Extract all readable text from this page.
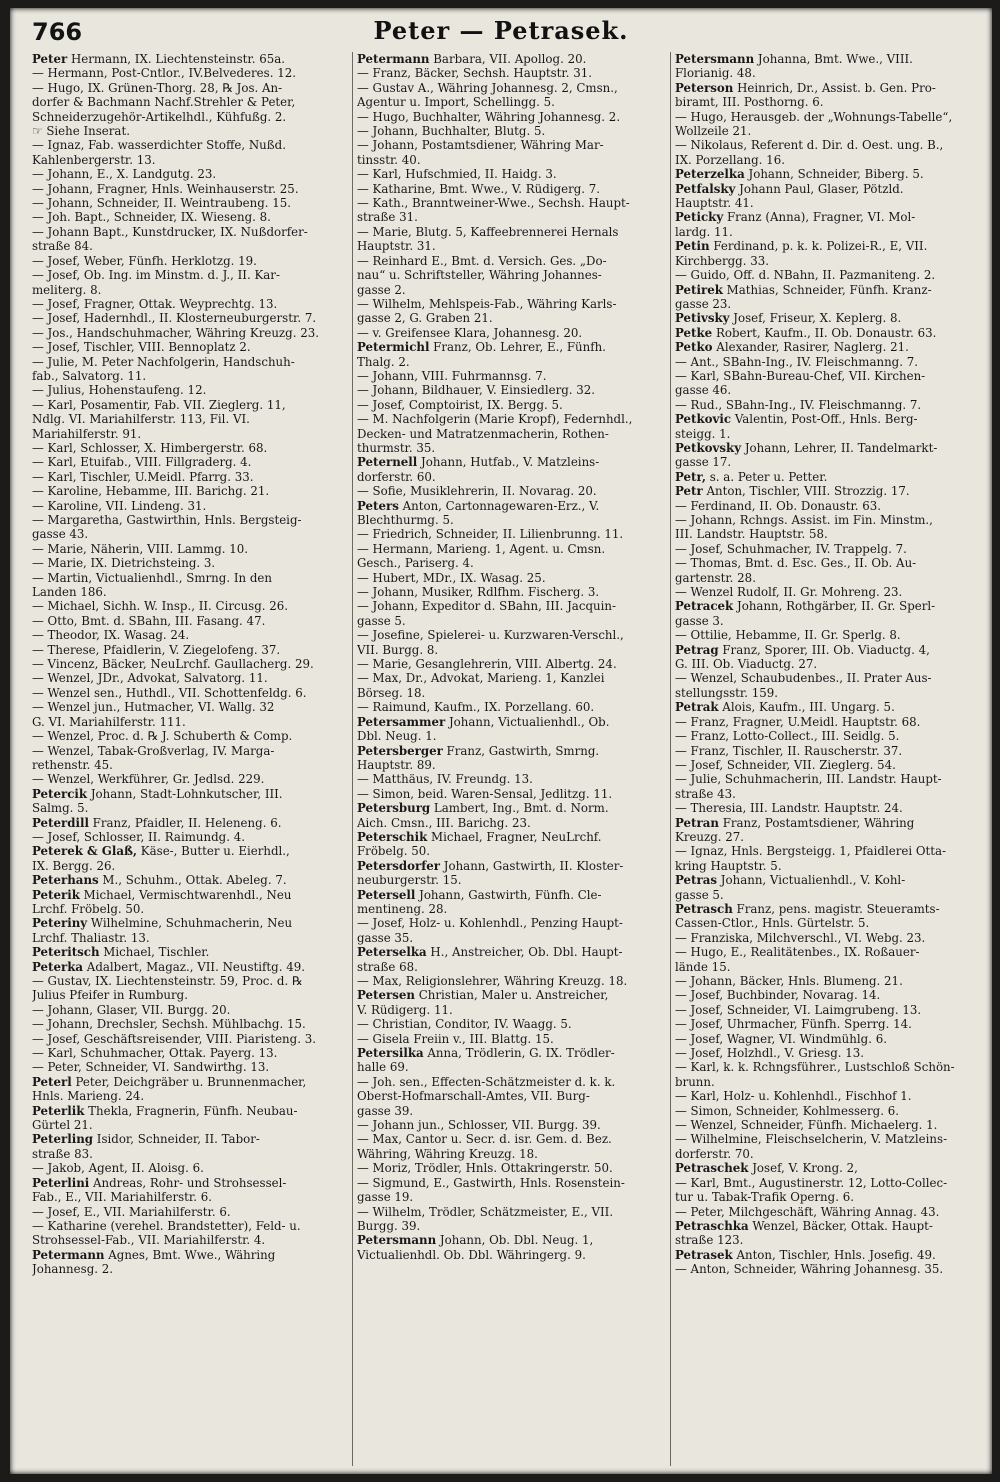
766	Peter — Petrasek.
Peter Hermann, IX. Liechtensteinstr. 65a.
— Hermann, Post-Cntlor., IV.Belvederes. 12.
— Hugo, IX. Grünen-Thorg. 28, ℞ Jos. An-
dorfer & Bachmann Nachf.Strehler & Peter,
Schneiderzugehör-Artikelhdl., Kühfußg. 2.
☞ Siehe Inserat.
— Ignaz, Fab. wasserdichter Stoffe, Nußd.
Kahlenbergerstr. 13.
— Johann, E., X. Landgutg. 23.
— Johann, Fragner, Hnls. Weinhauserstr. 25.
— Johann, Schneider, II. Weintraubeng. 15.
— Joh. Bapt., Schneider, IX. Wieseng. 8.
— Johann Bapt., Kunstdrucker, IX. Nußdorfer-
straße 84.
— Josef, Weber, Fünfh. Herklotzg. 19.
— Josef, Ob. Ing. im Minstm. d. J., II. Kar-
meliterg. 8.
— Josef, Fragner, Ottak. Weyprechtg. 13.
— Josef, Hadernhdl., II. Klosterneuburgerstr. 7.
— Jos., Handschuhmacher, Währing Kreuzg. 23.
— Josef, Tischler, VIII. Bennoplatz 2.
— Julie, M. Peter Nachfolgerin, Handschuh-
fab., Salvatorg. 11.
— Julius, Hohenstaufeng. 12.
— Karl, Posamentir, Fab. VII. Zieglerg. 11,
Ndlg. VI. Mariahilferstr. 113, Fil. VI.
Mariahilferstr. 91.
— Karl, Schlosser, X. Himbergerstr. 68.
— Karl, Etuifab., VIII. Fillgraderg. 4.
— Karl, Tischler, U.Meidl. Pfarrg. 33.
— Karoline, Hebamme, III. Barichg. 21.
— Karoline, VII. Lindeng. 31.
— Margaretha, Gastwirthin, Hnls. Bergsteig-
gasse 43.
— Marie, Näherin, VIII. Lammg. 10.
— Marie, IX. Dietrichsteing. 3.
— Martin, Victualienhdl., Smrng. In den
Landen 186.
— Michael, Sichh. W. Insp., II. Circusg. 26.
— Otto, Bmt. d. SBahn, III. Fasang. 47.
— Theodor, IX. Wasag. 24.
— Therese, Pfaidlerin, V. Ziegelofeng. 37.
— Vincenz, Bäcker, NeuLrchf. Gaullacherg. 29.
— Wenzel, JDr., Advokat, Salvatorg. 11.
— Wenzel sen., Huthdl., VII. Schottenfeldg. 6.
— Wenzel jun., Hutmacher, VI. Wallg. 32
G. VI. Mariahilferstr. 111.
— Wenzel, Proc. d. ℞ J. Schuberth & Comp.
— Wenzel, Tabak-Großverlag, IV. Marga-
rethenstr. 45.
— Wenzel, Werkführer, Gr. Jedlsd. 229.
Petercik Johann, Stadt-Lohnkutscher, III.
Salmg. 5.
Peterdill Franz, Pfaidler, II. Heleneng. 6.
— Josef, Schlosser, II. Raimundg. 4.
Peterek & Glaß, Käse-, Butter u. Eierhdl.,
IX. Bergg. 26.
Peterhans M., Schuhm., Ottak. Abeleg. 7.
Peterik Michael, Vermischtwarenhdl., Neu
Lrchf. Fröbelg. 50.
Peteriny Wilhelmine, Schuhmacherin, Neu
Lrchf. Thaliastr. 13.
Peteritsch Michael, Tischler.
Peterka Adalbert, Magaz., VII. Neustiftg. 49.
— Gustav, IX. Liechtensteinstr. 59, Proc. d. ℞
Julius Pfeifer in Rumburg.
— Johann, Glaser, VII. Burgg. 20.
— Johann, Drechsler, Sechsh. Mühlbachg. 15.
— Josef, Geschäftsreisender, VIII. Piaristeng. 3.
— Karl, Schuhmacher, Ottak. Payerg. 13.
— Peter, Schneider, VI. Sandwirthg. 13.
Peterl Peter, Deichgräber u. Brunnenmacher,
Hnls. Marieng. 24.
Peterlik Thekla, Fragnerin, Fünfh. Neubau-
Gürtel 21.
Peterling Isidor, Schneider, II. Tabor-
straße 83.
— Jakob, Agent, II. Aloisg. 6.
Peterlini Andreas, Rohr- und Strohsessel-
Fab., E., VII. Mariahilferstr. 6.
— Josef, E., VII. Mariahilferstr. 6.
— Katharine (verehel. Brandstetter), Feld- u.
Strohsessel-Fab., VII. Mariahilferstr. 4.
Petermann Agnes, Bmt. Wwe., Währing
Johannesg. 2.
Petermann Barbara, VII. Apollog. 20.
— Franz, Bäcker, Sechsh. Hauptstr. 31.
— Gustav A., Währing Johannesg. 2, Cmsn.,
Agentur u. Import, Schellingg. 5.
— Hugo, Buchhalter, Währing Johannesg. 2.
— Johann, Buchhalter, Blutg. 5.
— Johann, Postamtsdiener, Währing Mar-
tinsstr. 40.
— Karl, Hufschmied, II. Haidg. 3.
— Katharine, Bmt. Wwe., V. Rüdigerg. 7.
— Kath., Branntweiner-Wwe., Sechsh. Haupt-
straße 31.
— Marie, Blutg. 5, Kaffeebrennerei Hernals
Hauptstr. 31.
— Reinhard E., Bmt. d. Versich. Ges. „Do-
nau“ u. Schriftsteller, Währing Johannes-
gasse 2.
— Wilhelm, Mehlspeis-Fab., Währing Karls-
gasse 2, G. Graben 21.
— v. Greifensee Klara, Johannesg. 20.
Petermichl Franz, Ob. Lehrer, E., Fünfh.
Thalg. 2.
— Johann, VIII. Fuhrmannsg. 7.
— Johann, Bildhauer, V. Einsiedlerg. 32.
— Josef, Comptoirist, IX. Bergg. 5.
— M. Nachfolgerin (Marie Kropf), Federnhdl.,
Decken- und Matratzenmacherin, Rothen-
thurmstr. 35.
Peternell Johann, Hutfab., V. Matzleins-
dorferstr. 60.
— Sofie, Musiklehrerin, II. Novarag. 20.
Peters Anton, Cartonnagewaren-Erz., V.
Blechthurmg. 5.
— Friedrich, Schneider, II. Lilienbrunng. 11.
— Hermann, Marieng. 1, Agent. u. Cmsn.
Gesch., Pariserg. 4.
— Hubert, MDr., IX. Wasag. 25.
— Johann, Musiker, Rdlfhm. Fischerg. 3.
— Johann, Expeditor d. SBahn, III. Jacquin-
gasse 5.
— Josefine, Spielerei- u. Kurzwaren-Verschl.,
VII. Burgg. 8.
— Marie, Gesanglehrerin, VIII. Albertg. 24.
— Max, Dr., Advokat, Marieng. 1, Kanzlei
Börseg. 18.
— Raimund, Kaufm., IX. Porzellang. 60.
Petersammer Johann, Victualienhdl., Ob.
Dbl. Neug. 1.
Petersberger Franz, Gastwirth, Smrng.
Hauptstr. 89.
— Matthäus, IV. Freundg. 13.
— Simon, beid. Waren-Sensal, Jedlitzg. 11.
Petersburg Lambert, Ing., Bmt. d. Norm.
Aich. Cmsn., III. Barichg. 23.
Peterschik Michael, Fragner, NeuLrchf.
Fröbelg. 50.
Petersdorfer Johann, Gastwirth, II. Kloster-
neuburgerstr. 15.
Petersell Johann, Gastwirth, Fünfh. Cle-
mentineng. 28.
— Josef, Holz- u. Kohlenhdl., Penzing Haupt-
gasse 35.
Peterselka H., Anstreicher, Ob. Dbl. Haupt-
straße 68.
— Max, Religionslehrer, Währing Kreuzg. 18.
Petersen Christian, Maler u. Anstreicher,
V. Rüdigerg. 11.
— Christian, Conditor, IV. Waagg. 5.
— Gisela Freiin v., III. Blattg. 15.
Petersilka Anna, Trödlerin, G. IX. Trödler-
halle 69.
— Joh. sen., Effecten-Schätzmeister d. k. k.
Oberst-Hofmarschall-Amtes, VII. Burg-
gasse 39.
— Johann jun., Schlosser, VII. Burgg. 39.
— Max, Cantor u. Secr. d. isr. Gem. d. Bez.
Währing, Währing Kreuzg. 18.
— Moriz, Trödler, Hnls. Ottakringerstr. 50.
— Sigmund, E., Gastwirth, Hnls. Rosenstein-
gasse 19.
— Wilhelm, Trödler, Schätzmeister, E., VII.
Burgg. 39.
Petersmann Johann, Ob. Dbl. Neug. 1,
Victualienhdl. Ob. Dbl. Währingerg. 9.
Petersmann Johanna, Bmt. Wwe., VIII.
Florianig. 48.
Peterson Heinrich, Dr., Assist. b. Gen. Pro-
biramt, III. Posthorng. 6.
— Hugo, Herausgeb. der „Wohnungs-Tabelle“,
Wollzeile 21.
— Nikolaus, Referent d. Dir. d. Oest. ung. B.,
IX. Porzellang. 16.
Peterzelka Johann, Schneider, Biberg. 5.
Petfalsky Johann Paul, Glaser, Pötzld.
Hauptstr. 41.
Peticky Franz (Anna), Fragner, VI. Mol-
lardg. 11.
Petin Ferdinand, p. k. k. Polizei-R., E, VII.
Kirchbergg. 33.
— Guido, Off. d. NBahn, II. Pazmaniteng. 2.
Petirek Mathias, Schneider, Fünfh. Kranz-
gasse 23.
Petivsky Josef, Friseur, X. Keplerg. 8.
Petke Robert, Kaufm., II. Ob. Donaustr. 63.
Petko Alexander, Rasirer, Naglerg. 21.
— Ant., SBahn-Ing., IV. Fleischmanng. 7.
— Karl, SBahn-Bureau-Chef, VII. Kirchen-
gasse 46.
— Rud., SBahn-Ing., IV. Fleischmanng. 7.
Petkovic Valentin, Post-Off., Hnls. Berg-
steigg. 1.
Petkovsky Johann, Lehrer, II. Tandelmarkt-
gasse 17.
Petr, s. a. Peter u. Petter.
Petr Anton, Tischler, VIII. Strozzig. 17.
— Ferdinand, II. Ob. Donaustr. 63.
— Johann, Rchngs. Assist. im Fin. Minstm.,
III. Landstr. Hauptstr. 58.
— Josef, Schuhmacher, IV. Trappelg. 7.
— Thomas, Bmt. d. Esc. Ges., II. Ob. Au-
gartenstr. 28.
— Wenzel Rudolf, II. Gr. Mohreng. 23.
Petracek Johann, Rothgärber, II. Gr. Sperl-
gasse 3.
— Ottilie, Hebamme, II. Gr. Sperlg. 8.
Petrag Franz, Sporer, III. Ob. Viaductg. 4,
G. III. Ob. Viaductg. 27.
— Wenzel, Schaubudenbes., II. Prater Aus-
stellungsstr. 159.
Petrak Alois, Kaufm., III. Ungarg. 5.
— Franz, Fragner, U.Meidl. Hauptstr. 68.
— Franz, Lotto-Collect., III. Seidlg. 5.
— Franz, Tischler, II. Rauscherstr. 37.
— Josef, Schneider, VII. Zieglerg. 54.
— Julie, Schuhmacherin, III. Landstr. Haupt-
straße 43.
— Theresia, III. Landstr. Hauptstr. 24.
Petran Franz, Postamtsdiener, Währing
Kreuzg. 27.
— Ignaz, Hnls. Bergsteigg. 1, Pfaidlerei Otta-
kring Hauptstr. 5.
Petras Johann, Victualienhdl., V. Kohl-
gasse 5.
Petrasch Franz, pens. magistr. Steueramts-
Cassen-Ctlor., Hnls. Gürtelstr. 5.
— Franziska, Milchverschl., VI. Webg. 23.
— Hugo, E., Realitätenbes., IX. Roßauer-
lände 15.
— Johann, Bäcker, Hnls. Blumeng. 21.
— Josef, Buchbinder, Novarag. 14.
— Josef, Schneider, VI. Laimgrubeng. 13.
— Josef, Uhrmacher, Fünfh. Sperrg. 14.
— Josef, Wagner, VI. Windmühlg. 6.
— Josef, Holzhdl., V. Griesg. 13.
— Karl, k. k. Rchngsführer., Lustschloß Schön-
brunn.
— Karl, Holz- u. Kohlenhdl., Fischhof 1.
— Simon, Schneider, Kohlmesserg. 6.
— Wenzel, Schneider, Fünfh. Michaelerg. 1.
— Wilhelmine, Fleischselcherin, V. Matzleins-
dorferstr. 70.
Petraschek Josef, V. Krong. 2,
— Karl, Bmt., Augustinerstr. 12, Lotto-Collec-
tur u. Tabak-Trafik Operng. 6.
— Peter, Milchgeschäft, Währing Annag. 43.
Petraschka Wenzel, Bäcker, Ottak. Haupt-
straße 123.
Petrasek Anton, Tischler, Hnls. Josefig. 49.
— Anton, Schneider, Währing Johannesg. 35.
